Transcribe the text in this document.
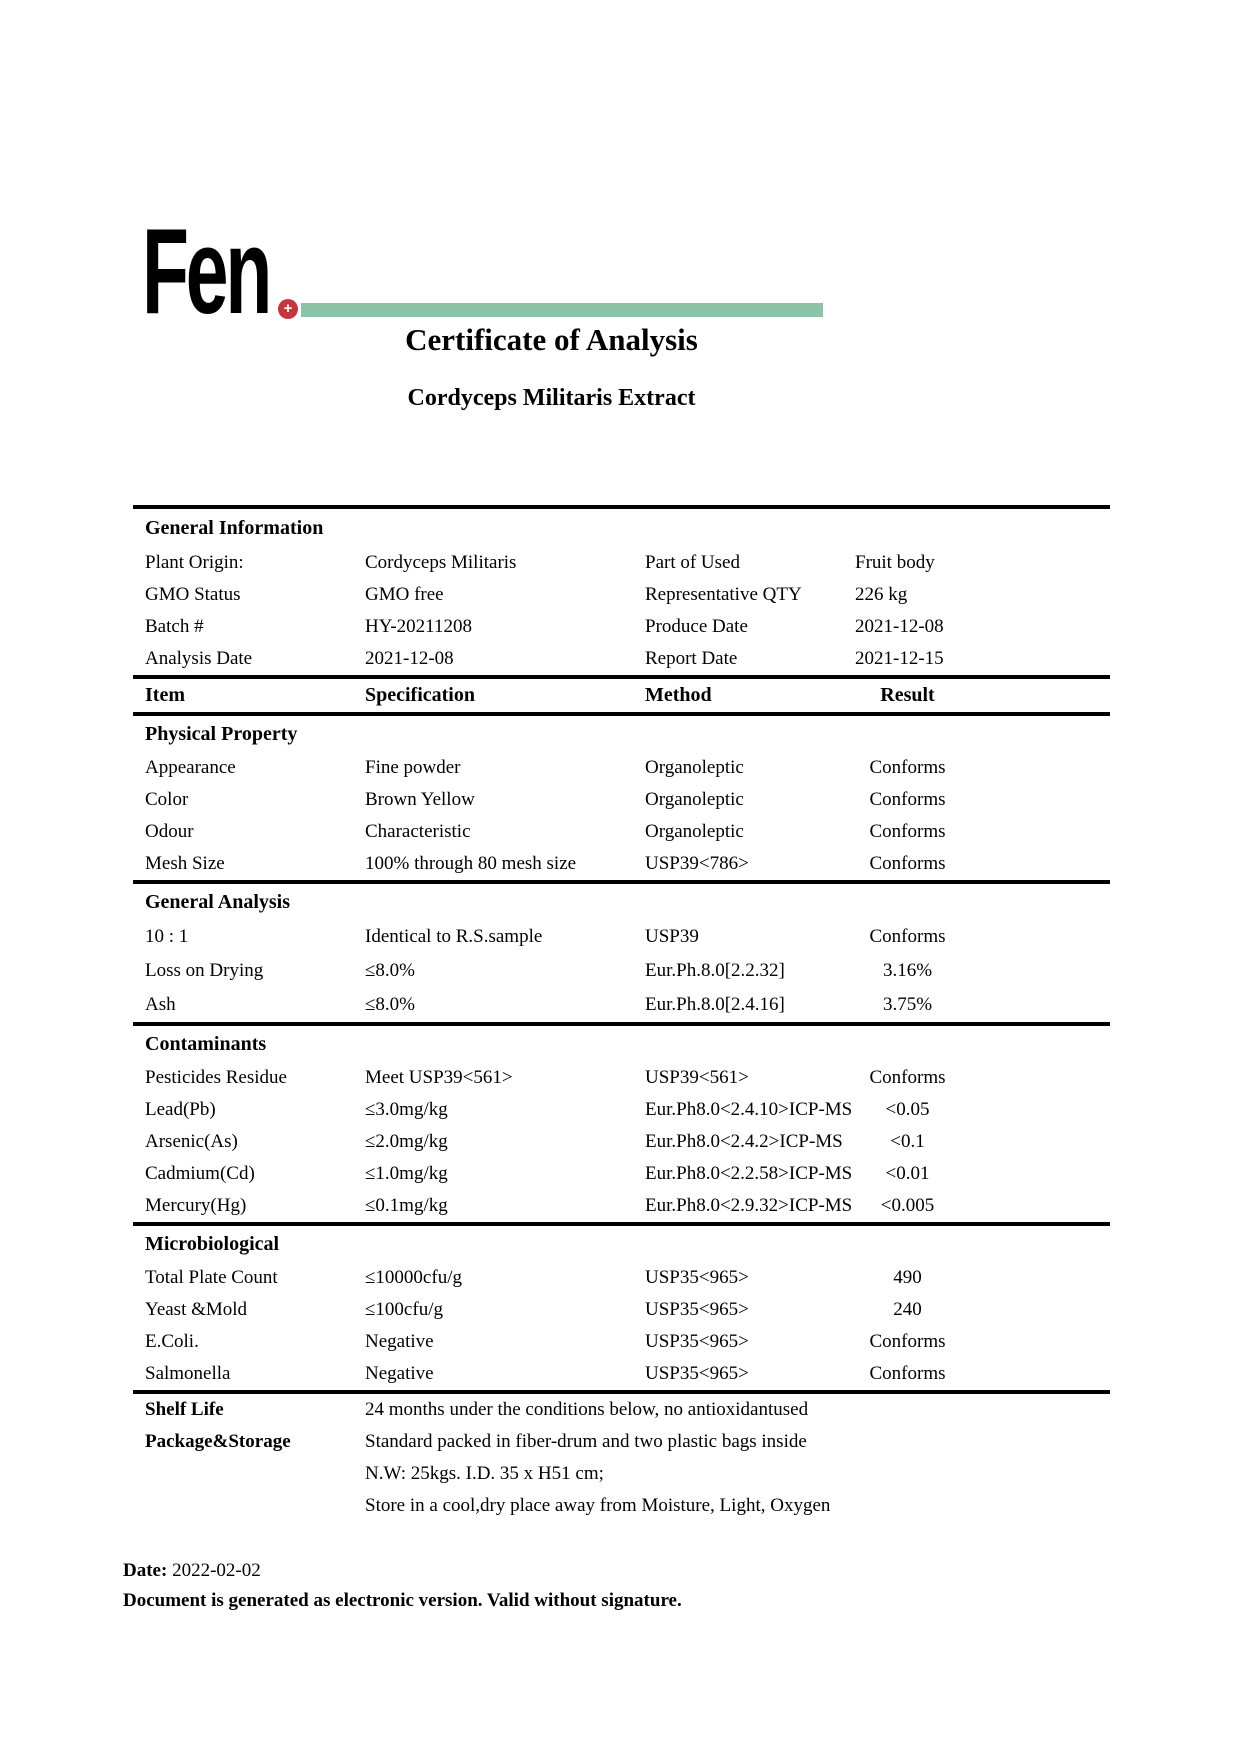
Fen +
Certificate of Analysis
Cordyceps Militaris Extract
General Information
Plant Origin:	Cordyceps Militaris	Part of Used	Fruit body
GMO Status	GMO free	Representative QTY	226 kg
Batch #	HY-20211208	Produce Date	2021-12-08
Analysis Date	2021-12-08	Report Date	2021-12-15
Item	Specification	Method	Result
Physical Property
Appearance	Fine powder	Organoleptic	Conforms
Color	Brown Yellow	Organoleptic	Conforms
Odour	Characteristic	Organoleptic	Conforms
Mesh Size	100% through 80 mesh size	USP39<786>	Conforms
General Analysis
10 : 1	Identical to R.S.sample	USP39	Conforms
Loss on Drying	≤8.0%	Eur.Ph.8.0[2.2.32]	3.16%
Ash	≤8.0%	Eur.Ph.8.0[2.4.16]	3.75%
Contaminants
Pesticides Residue	Meet USP39<561>	USP39<561>	Conforms
Lead(Pb)	≤3.0mg/kg	Eur.Ph8.0<2.4.10>ICP-MS	<0.05
Arsenic(As)	≤2.0mg/kg	Eur.Ph8.0<2.4.2>ICP-MS	<0.1
Cadmium(Cd)	≤1.0mg/kg	Eur.Ph8.0<2.2.58>ICP-MS	<0.01
Mercury(Hg)	≤0.1mg/kg	Eur.Ph8.0<2.9.32>ICP-MS	<0.005
Microbiological
Total Plate Count	≤10000cfu/g	USP35<965>	490
Yeast &Mold	≤100cfu/g	USP35<965>	240
E.Coli.	Negative	USP35<965>	Conforms
Salmonella	Negative	USP35<965>	Conforms
Shelf Life	24 months under the conditions below, no antioxidantused
Package&Storage	Standard packed in fiber-drum and two plastic bags inside
N.W: 25kgs. I.D. 35 x H51 cm;
Store in a cool,dry place away from Moisture, Light, Oxygen
Date: 2022-02-02
Document is generated as electronic version. Valid without signature.
